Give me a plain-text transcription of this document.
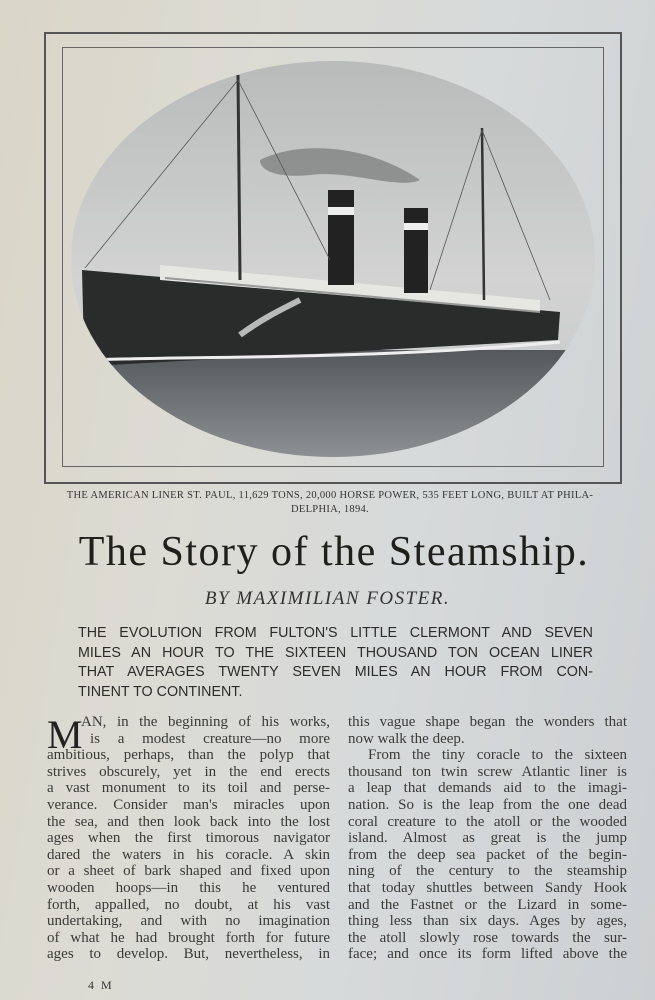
THE AMERICAN LINER ST. PAUL, 11,629 TONS, 20,000 HORSE POWER, 535 FEET LONG, BUILT AT PHILA-
DELPHIA, 1894.
The Story of the Steamship.
BY MAXIMILIAN FOSTER.
THE EVOLUTION FROM FULTON'S LITTLE CLERMONT AND SEVEN
MILES AN HOUR TO THE SIXTEEN THOUSAND TON OCEAN LINER
THAT AVERAGES TWENTY SEVEN MILES AN HOUR FROM CON-
TINENT TO CONTINENT.
M
AN, in the beginning of his works,
is a modest creature—no more
ambitious, perhaps, than the polyp that
strives obscurely, yet in the end erects
a vast monument to its toil and perse-
verance. Consider man's miracles upon
the sea, and then look back into the lost
ages when the first timorous navigator
dared the waters in his coracle. A skin
or a sheet of bark shaped and fixed upon
wooden hoops—in this he ventured
forth, appalled, no doubt, at his vast
undertaking, and with no imagination
of what he had brought forth for future
ages to develop. But, nevertheless, in
this vague shape began the wonders that
now walk the deep.
From the tiny coracle to the sixteen
thousand ton twin screw Atlantic liner is
a leap that demands aid to the imagi-
nation. So is the leap from the one dead
coral creature to the atoll or the wooded
island. Almost as great is the jump
from the deep sea packet of the begin-
ning of the century to the steamship
that today shuttles between Sandy Hook
and the Fastnet or the Lizard in some-
thing less than six days. Ages by ages,
the atoll slowly rose towards the sur-
face; and once its form lifted above the
4 M
